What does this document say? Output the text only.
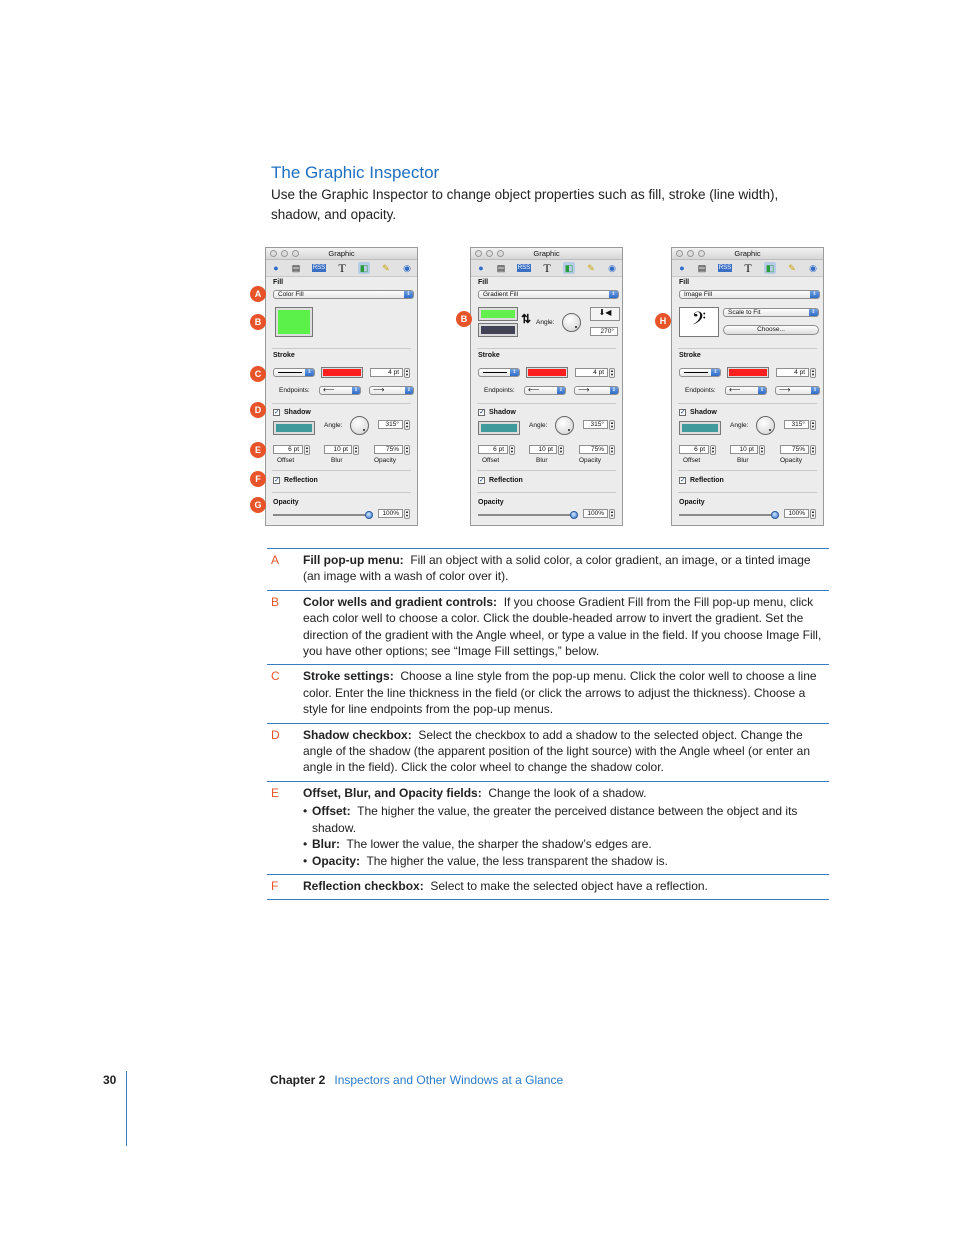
The Graphic Inspector

Use the Graphic Inspector to change object properties such as fill, stroke (line width), shadow, and opacity.

Graphic
●	▤ RSS T ◧ ✎ ◉
Fill
Color Fill	⇕
Stroke
⇕	4 pt	▲
▼
Endpoints:	⟵	⇕	⟶	⇕
✓ Shadow
Angle:	315°	▲
▼
6 pt	▲
▼	10 pt	▲
▼	75%	▲
▼
Offset	Blur	Opacity
✓ Reflection
Opacity
100%	▲
▼
Graphic
●	▤ RSS T ◧ ✎ ◉
Fill
Gradient Fill	⇕
⇅ Angle:
⬇◀
270°
Stroke
⇕	4 pt	▲
▼
Endpoints:	⟵	⇕	⟶	⇕
✓ Shadow
Angle:	315°	▲
▼
6 pt	▲
▼	10 pt	▲
▼	75%	▲
▼
Offset	Blur	Opacity
✓ Reflection
Opacity
100%	▲
▼
Graphic
●	▤ RSS T ◧ ✎ ◉
Fill
Image Fill	⇕
𝄢	Scale to Fit	⇕
Choose...
Stroke
⇕	4 pt	▲
▼
Endpoints:	⟵	⇕	⟶	⇕
✓ Shadow
Angle:	315°	▲
▼
6 pt	▲
▼	10 pt	▲
▼	75%	▲
▼
Offset	Blur	Opacity
✓ Reflection
Opacity
100%	▲
▼
A
B
C
D
E
F
G
B	H
A Fill pop-up menu: Fill an object with a solid color, a color gradient, an image, or a tinted image (an image with a wash of color over it).
B Color wells and gradient controls: If you choose Gradient Fill from the Fill pop-up menu, click each color well to choose a color. Click the double-headed arrow to invert the gradient. Set the direction of the gradient with the Angle wheel, or type a value in the field. If you choose Image Fill, you have other options; see “Image Fill settings,” below.
C Stroke settings: Choose a line style from the pop-up menu. Click the color well to choose a line color. Enter the line thickness in the field (or click the arrows to adjust the thickness). Choose a style for line endpoints from the pop-up menus.
D Shadow checkbox: Select the checkbox to add a shadow to the selected object. Change the angle of the shadow (the apparent position of the light source) with the Angle wheel (or enter an angle in the field). Click the color wheel to change the shadow color.
E Offset, Blur, and Opacity fields: Change the look of a shadow.
• Offset: The higher the value, the greater the perceived distance between the object and its shadow.
• Blur: The lower the value, the sharper the shadow’s edges are.
• Opacity: The higher the value, the less transparent the shadow is.
F Reflection checkbox: Select to make the selected object have a reflection.
30	Chapter 2 Inspectors and Other Windows at a Glance
